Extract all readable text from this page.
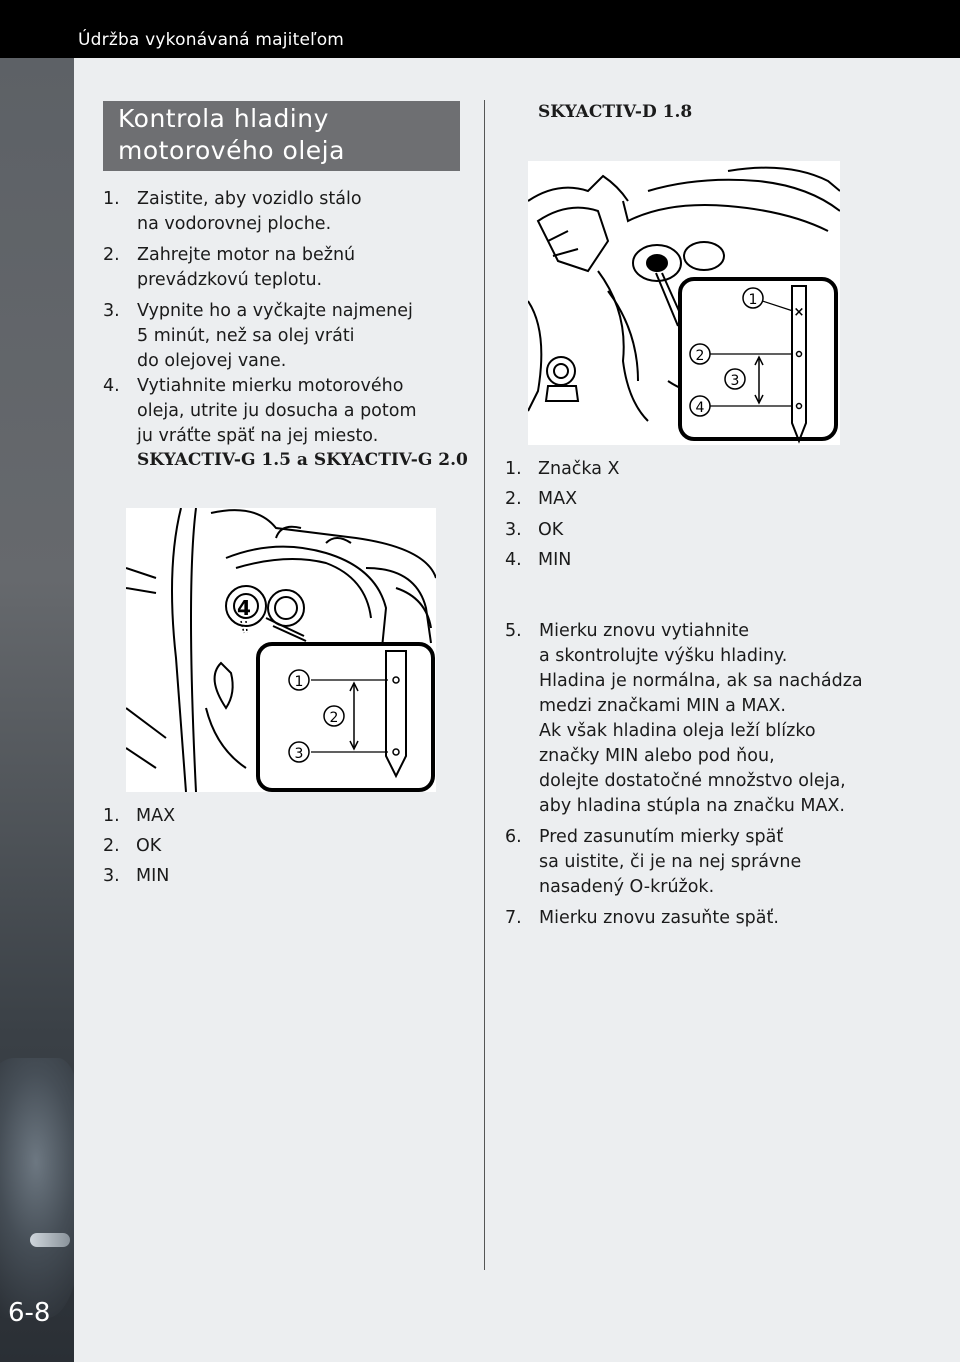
Údržba vykonávaná majiteľom
6-8
Kontrola hladiny
motorového oleja
1. Zaistite, aby vozidlo stálo
na vodorovnej ploche.
2. Zahrejte motor na bežnú
prevádzkovú teplotu.
3. Vypnite ho a vyčkajte najmenej
5 minút, než sa olej vráti
do olejovej vane.
4. Vytiahnite mierku motorového
oleja, utrite ju dosucha a potom
ju vráťte späť na jej miesto.
SKYACTIV-G 1.5 a SKYACTIV-G 2.0
4
1
2
3
1. MAX
2. OK
3. MIN
SKYACTIV-D 1.8
×
1
2
3
4
1. Značka X
2. MAX
3. OK
4. MIN
5. Mierku znovu vytiahnite
a skontrolujte výšku hladiny.
Hladina je normálna, ak sa nachádza
medzi značkami MIN a MAX.
Ak však hladina oleja leží blízko
značky MIN alebo pod ňou,
dolejte dostatočné množstvo oleja,
aby hladina stúpla na značku MAX.
6. Pred zasunutím mierky späť
sa uistite, či je na nej správne
nasadený O-krúžok.
7. Mierku znovu zasuňte späť.
